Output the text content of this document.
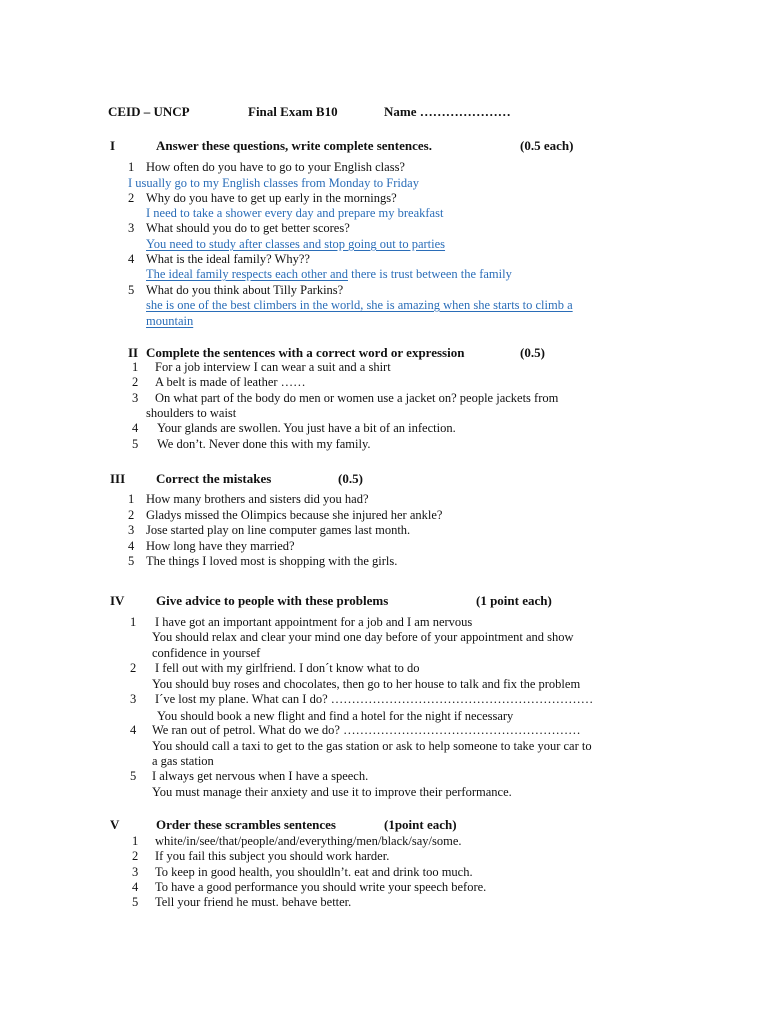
CEID – UNCP	Final Exam B10	Name …………………
I	Answer these questions, write complete sentences.	(0.5 each)
1 How often do you have to go to your English class?
I usually go to my English classes from Monday to Friday
2 Why do you have to get up early in the mornings?
I need to take a shower every day and prepare my breakfast
3 What should you do to get better scores?
You need to study after classes and stop going out to parties
4 What is the ideal family? Why??
The ideal family respects each other and there is trust between the family
5 What do you think about Tilly Parkins?
she is one of the best climbers in the world, she is amazing when she starts to climb a
mountain
II Complete the sentences with a correct word or expression	(0.5)
1 For a job interview I can wear a suit and a shirt
2 A belt is made of leather ……
3 On what part of the body do men or women use a jacket on? people jackets from
shoulders to waist
4 Your glands are swollen. You just have a bit of an infection.
5 We don’t. Never done this with my family.
III Correct the mistakes	(0.5)
1 How many brothers and sisters did you had?
2 Gladys missed the Olimpics because she injured her ankle?
3 Jose started play on line computer games last month.
4 How long have they married?
5 The things I loved most is shopping with the girls.
IV Give advice to people with these problems	(1 point each)
1 I have got an important appointment for a job and I am nervous
You should relax and clear your mind one day before of your appointment and show
confidence in yoursef
2 I fell out with my girlfriend. I don´t know what to do
You should buy roses and chocolates, then go to her house to talk and fix the problem
3 I´ve lost my plane. What can I do? ………………………………………………………
You should book a new flight and find a hotel for the night if necessary
4 We ran out of petrol. What do we do? …………………………………………………
You should call a taxi to get to the gas station or ask to help someone to take your car to
a gas station
5 I always get nervous when I have a speech.
You must manage their anxiety and use it to improve their performance.
V	Order these scrambles sentences	(1point each)
1 white/in/see/that/people/and/everything/men/black/say/some.
2 If you fail this subject you should work harder.
3 To keep in good health, you shouldln’t. eat and drink too much.
4 To have a good performance you should write your speech before.
5 Tell your friend he must. behave better.
